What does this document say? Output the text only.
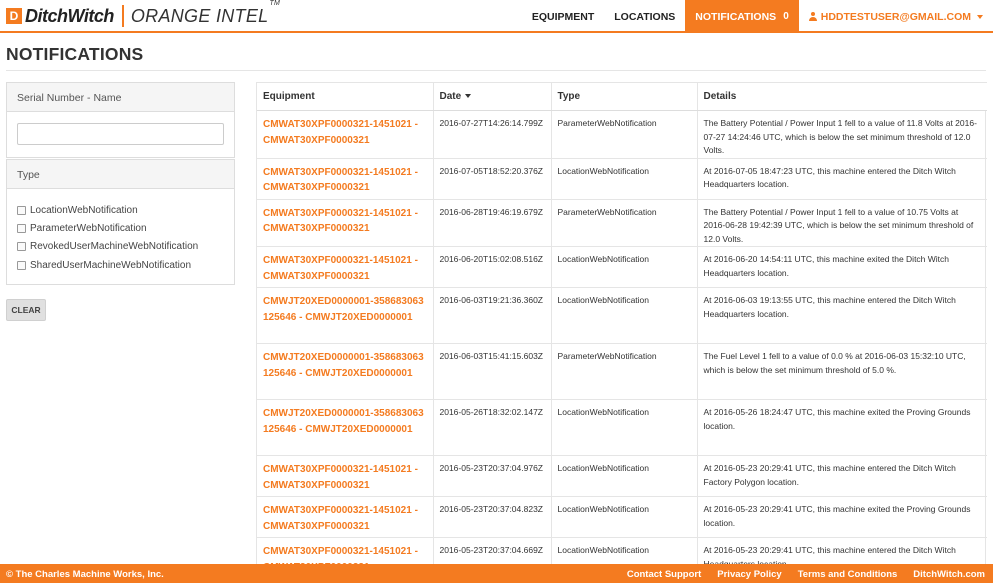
D DitchWitch ORANGE INTEL™
EQUIPMENT	LOCATIONS	NOTIFICATIONS 0	HDDTESTUSER@GMAIL.COM
NOTIFICATIONS
Serial Number - Name
Type
LocationWebNotification
ParameterWebNotification
RevokedUserMachineWebNotification
SharedUserMachineWebNotification
CLEAR
Equipment	Date	Type	Details

CMWAT30XPF0000321-1451021 - CMWAT30XPF0000321	2016-07-27T14:26:14.799Z	ParameterWebNotification	The Battery Potential / Power Input 1 fell to a value of 11.8 Volts at 2016-07-27 14:24:46 UTC, which is below the set minimum threshold of 12.0 Volts.

CMWAT30XPF0000321-1451021 - CMWAT30XPF0000321	2016-07-05T18:52:20.376Z	LocationWebNotification	At 2016-07-05 18:47:23 UTC, this machine entered the Ditch Witch Headquarters location.

CMWAT30XPF0000321-1451021 - CMWAT30XPF0000321	2016-06-28T19:46:19.679Z	ParameterWebNotification	The Battery Potential / Power Input 1 fell to a value of 10.75 Volts at 2016-06-28 19:42:39 UTC, which is below the set minimum threshold of 12.0 Volts.

CMWAT30XPF0000321-1451021 - CMWAT30XPF0000321	2016-06-20T15:02:08.516Z	LocationWebNotification	At 2016-06-20 14:54:11 UTC, this machine exited the Ditch Witch Headquarters location.

CMWJT20XED0000001-358683063125646 - CMWJT20XED0000001	2016-06-03T19:21:36.360Z	LocationWebNotification	At 2016-06-03 19:13:55 UTC, this machine entered the Ditch Witch Headquarters location.

CMWJT20XED0000001-358683063125646 - CMWJT20XED0000001	2016-06-03T15:41:15.603Z	ParameterWebNotification	The Fuel Level 1 fell to a value of 0.0 % at 2016-06-03 15:32:10 UTC, which is below the set minimum threshold of 5.0 %.

CMWJT20XED0000001-358683063125646 - CMWJT20XED0000001	2016-05-26T18:32:02.147Z	LocationWebNotification	At 2016-05-26 18:24:47 UTC, this machine exited the Proving Grounds location.

CMWAT30XPF0000321-1451021 - CMWAT30XPF0000321	2016-05-23T20:37:04.976Z	LocationWebNotification	At 2016-05-23 20:29:41 UTC, this machine entered the Ditch Witch Factory Polygon location.

CMWAT30XPF0000321-1451021 - CMWAT30XPF0000321	2016-05-23T20:37:04.823Z	LocationWebNotification	At 2016-05-23 20:29:41 UTC, this machine exited the Proving Grounds location.

CMWAT30XPF0000321-1451021 -	2016-05-23T20:37:04.669Z	LocationWebNotification	At 2016-05-23 20:29:41 UTC, this machine entered the Ditch Witch
© The Charles Machine Works, Inc.	Contact Support Privacy Policy Terms and Conditions DitchWitch.com
